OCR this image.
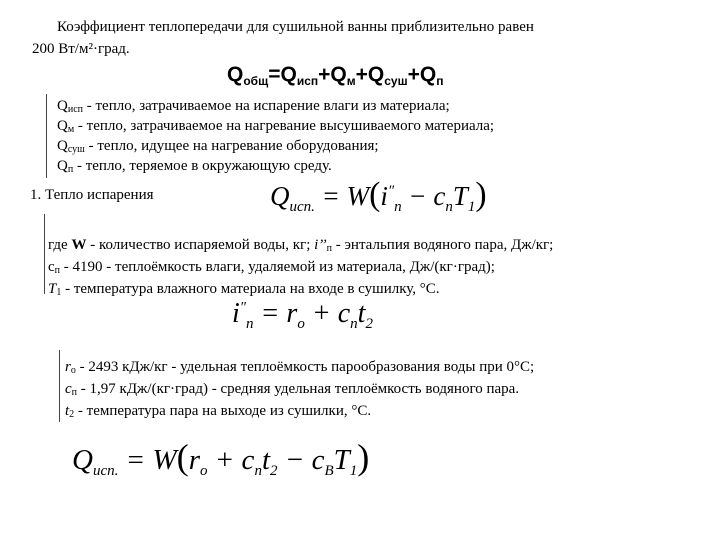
Коэффициент теплопередачи для сушильной ванны приблизительно равен
200 Вт/м²·град.
$Q_{общ}=Q_{исп}+Q_м+Q_{суш}+Q_п$
$Q_{исп}$ - тепло, затрачиваемое на испарение влаги из материала;
$Q_м$ - тепло, затрачиваемое на нагревание высушиваемого материала;
$Q_{суш}$ - тепло, идущее на нагревание оборудования;
$Q_п$ - тепло, теряемое в окружающую среду.
1. Тепло испарения	$Q_{исп.} = W(i''_п - c_пT_1)$
где W - количество испаряемой воды, кг; $i’’_п$ - энтальпия водяного пара, Дж/кг;
$c_п - 4190$ - теплоёмкость влаги, удаляемой из материала, Дж/(кг·град);
$T_1$ - температура влажного материала на входе в сушилку, °С.
$i''_п = r_о + c_пt_2$
$r_о - 2493$ кДж/кг - удельная теплоёмкость парообразования воды при 0°С;
$c_п - 1,97$ кДж/(кг·град) - средняя удельная теплоёмкость водяного пара.
$t_2$ - температура пара на выходе из сушилки, °С.
$Q_{исп.} = W(r_о + c_пt_2 - c_ВT_1)$
